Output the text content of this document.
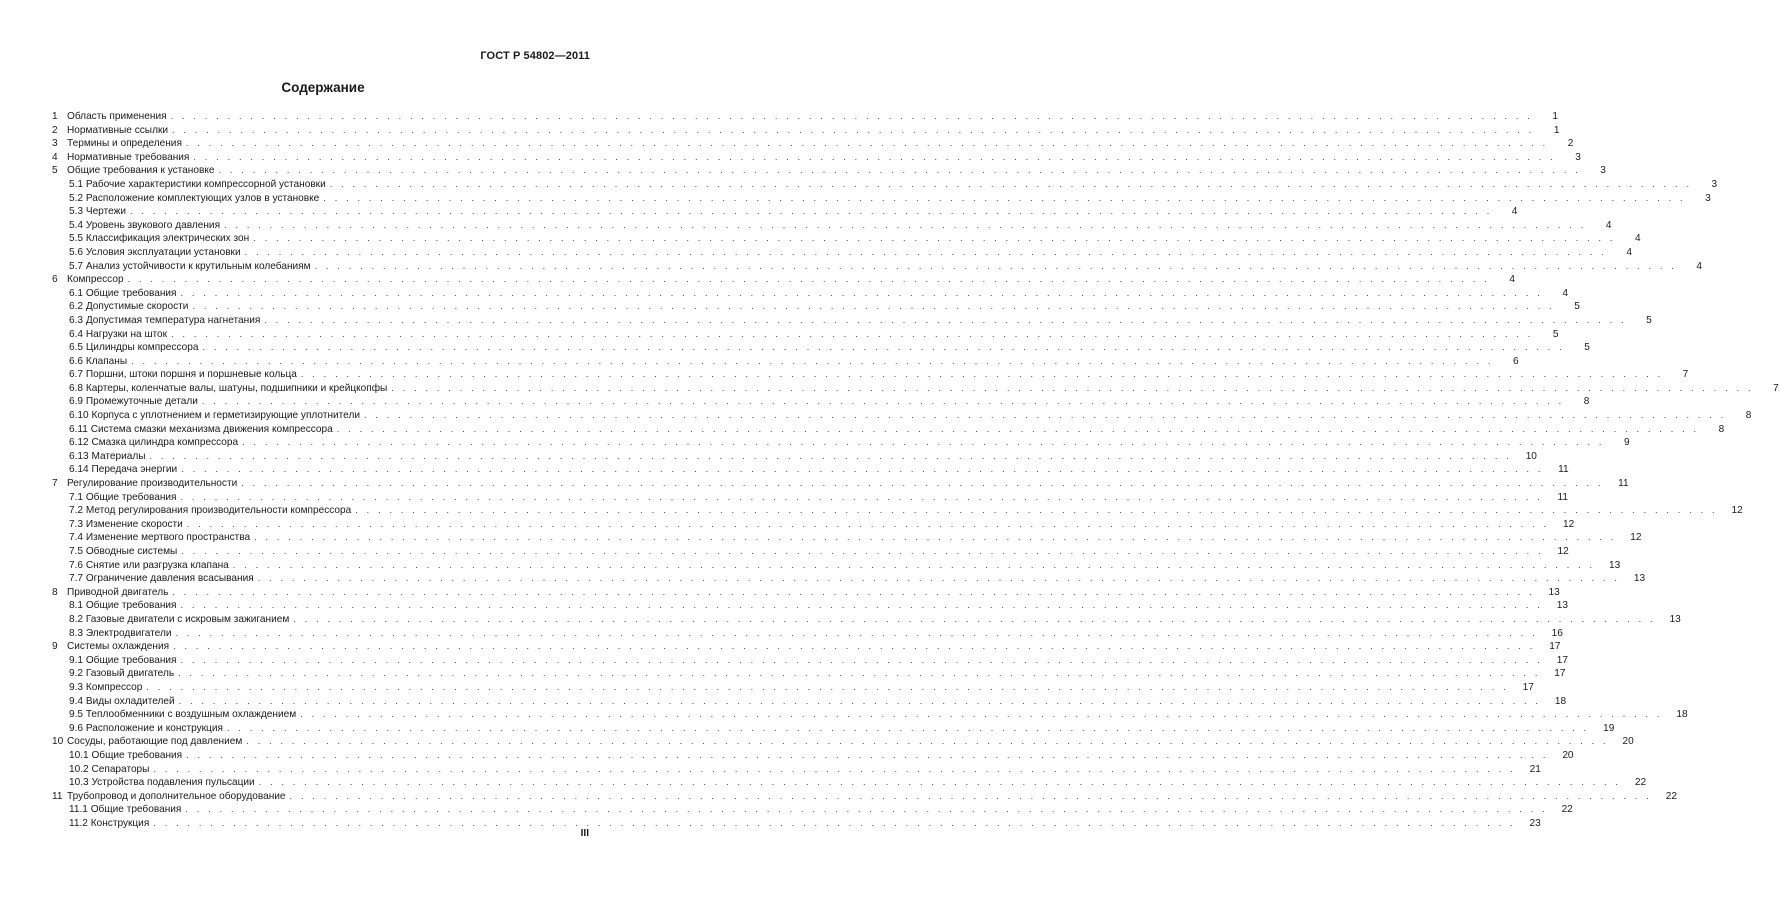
ГОСТ Р 54802—2011
Содержание
1 Область применения . . . . . . . . . . . . . . . . . . . . . . . . . . . . . . . . . . . . . . . . . . . . . . . . . . . . . . . . . . . . . . . . . . . . . . . . . . . . . . . . . . . . . . . . . . . . . . . . . . . . . . . . . . . . . . . . . . . . . . . .	1
2 Нормативные ссылки . . . . . . . . . . . . . . . . . . . . . . . . . . . . . . . . . . . . . . . . . . . . . . . . . . . . . . . . . . . . . . . . . . . . . . . . . . . . . . . . . . . . . . . . . . . . . . . . . . . . . . . . . . . . . . . . . . . . . . . .	1
3 Термины и определения . . . . . . . . . . . . . . . . . . . . . . . . . . . . . . . . . . . . . . . . . . . . . . . . . . . . . . . . . . . . . . . . . . . . . . . . . . . . . . . . . . . . . . . . . . . . . . . . . . . . . . . . . . . . . . . . . . . . . . . .	2
4 Нормативные требования . . . . . . . . . . . . . . . . . . . . . . . . . . . . . . . . . . . . . . . . . . . . . . . . . . . . . . . . . . . . . . . . . . . . . . . . . . . . . . . . . . . . . . . . . . . . . . . . . . . . . . . . . . . . . . . . . . . . . . . .	3
5 Общие требования к установке . . . . . . . . . . . . . . . . . . . . . . . . . . . . . . . . . . . . . . . . . . . . . . . . . . . . . . . . . . . . . . . . . . . . . . . . . . . . . . . . . . . . . . . . . . . . . . . . . . . . . . . . . . . . . . . . . . . . . . . .	3
5.1 Рабочие характеристики компрессорной установки . . . . . . . . . . . . . . . . . . . . . . . . . . . . . . . . . . . . . . . . . . . . . . . . . . . . . . . . . . . . . . . . . . . . . . . . . . . . . . . . . . . . . . . . . . . . . . . . . . . . . . . . . . . . . . . . . . . . . . . .	3
5.2 Расположение комплектующих узлов в установке . . . . . . . . . . . . . . . . . . . . . . . . . . . . . . . . . . . . . . . . . . . . . . . . . . . . . . . . . . . . . . . . . . . . . . . . . . . . . . . . . . . . . . . . . . . . . . . . . . . . . . . . . . . . . . . . . . . . . . . .	3
5.3 Чертежи . . . . . . . . . . . . . . . . . . . . . . . . . . . . . . . . . . . . . . . . . . . . . . . . . . . . . . . . . . . . . . . . . . . . . . . . . . . . . . . . . . . . . . . . . . . . . . . . . . . . . . . . . . . . . . . . . . . . . . . .	4
5.4 Уровень звукового давления . . . . . . . . . . . . . . . . . . . . . . . . . . . . . . . . . . . . . . . . . . . . . . . . . . . . . . . . . . . . . . . . . . . . . . . . . . . . . . . . . . . . . . . . . . . . . . . . . . . . . . . . . . . . . . . . . . . . . . . .	4
5.5 Классификация электрических зон . . . . . . . . . . . . . . . . . . . . . . . . . . . . . . . . . . . . . . . . . . . . . . . . . . . . . . . . . . . . . . . . . . . . . . . . . . . . . . . . . . . . . . . . . . . . . . . . . . . . . . . . . . . . . . . . . . . . . . . .	4
5.6 Условия эксплуатации установки . . . . . . . . . . . . . . . . . . . . . . . . . . . . . . . . . . . . . . . . . . . . . . . . . . . . . . . . . . . . . . . . . . . . . . . . . . . . . . . . . . . . . . . . . . . . . . . . . . . . . . . . . . . . . . . . . . . . . . . .	4
5.7 Анализ устойчивости к крутильным колебаниям . . . . . . . . . . . . . . . . . . . . . . . . . . . . . . . . . . . . . . . . . . . . . . . . . . . . . . . . . . . . . . . . . . . . . . . . . . . . . . . . . . . . . . . . . . . . . . . . . . . . . . . . . . . . . . . . . . . . . . . .	4
6 Компрессор . . . . . . . . . . . . . . . . . . . . . . . . . . . . . . . . . . . . . . . . . . . . . . . . . . . . . . . . . . . . . . . . . . . . . . . . . . . . . . . . . . . . . . . . . . . . . . . . . . . . . . . . . . . . . . . . . . . . . . . .	4
6.1 Общие требования . . . . . . . . . . . . . . . . . . . . . . . . . . . . . . . . . . . . . . . . . . . . . . . . . . . . . . . . . . . . . . . . . . . . . . . . . . . . . . . . . . . . . . . . . . . . . . . . . . . . . . . . . . . . . . . . . . . . . . . .	4
6.2 Допустимые скорости . . . . . . . . . . . . . . . . . . . . . . . . . . . . . . . . . . . . . . . . . . . . . . . . . . . . . . . . . . . . . . . . . . . . . . . . . . . . . . . . . . . . . . . . . . . . . . . . . . . . . . . . . . . . . . . . . . . . . . . .	5
6.3 Допустимая температура нагнетания . . . . . . . . . . . . . . . . . . . . . . . . . . . . . . . . . . . . . . . . . . . . . . . . . . . . . . . . . . . . . . . . . . . . . . . . . . . . . . . . . . . . . . . . . . . . . . . . . . . . . . . . . . . . . . . . . . . . . . . .	5
6.4 Нагрузки на шток . . . . . . . . . . . . . . . . . . . . . . . . . . . . . . . . . . . . . . . . . . . . . . . . . . . . . . . . . . . . . . . . . . . . . . . . . . . . . . . . . . . . . . . . . . . . . . . . . . . . . . . . . . . . . . . . . . . . . . . .	5
6.5 Цилиндры компрессора . . . . . . . . . . . . . . . . . . . . . . . . . . . . . . . . . . . . . . . . . . . . . . . . . . . . . . . . . . . . . . . . . . . . . . . . . . . . . . . . . . . . . . . . . . . . . . . . . . . . . . . . . . . . . . . . . . . . . . . .	5
6.6 Клапаны . . . . . . . . . . . . . . . . . . . . . . . . . . . . . . . . . . . . . . . . . . . . . . . . . . . . . . . . . . . . . . . . . . . . . . . . . . . . . . . . . . . . . . . . . . . . . . . . . . . . . . . . . . . . . . . . . . . . . . . .	6
6.7 Поршни, штоки поршня и поршневые кольца . . . . . . . . . . . . . . . . . . . . . . . . . . . . . . . . . . . . . . . . . . . . . . . . . . . . . . . . . . . . . . . . . . . . . . . . . . . . . . . . . . . . . . . . . . . . . . . . . . . . . . . . . . . . . . . . . . . . . . . .	7
6.8 Картеры, коленчатые валы, шатуны, подшипники и крейцкопфы . . . . . . . . . . . . . . . . . . . . . . . . . . . . . . . . . . . . . . . . . . . . . . . . . . . . . . . . . . . . . . . . . . . . . . . . . . . . . . . . . . . . . . . . . . . . . . . . . . . . . . . . . . . . . . . . . . . . . . . .	7
6.9 Промежуточные детали . . . . . . . . . . . . . . . . . . . . . . . . . . . . . . . . . . . . . . . . . . . . . . . . . . . . . . . . . . . . . . . . . . . . . . . . . . . . . . . . . . . . . . . . . . . . . . . . . . . . . . . . . . . . . . . . . . . . . . . .	8
6.10 Корпуса с уплотнением и герметизирующие уплотнители . . . . . . . . . . . . . . . . . . . . . . . . . . . . . . . . . . . . . . . . . . . . . . . . . . . . . . . . . . . . . . . . . . . . . . . . . . . . . . . . . . . . . . . . . . . . . . . . . . . . . . . . . . . . . . . . . . . . . . . .	8
6.11 Система смазки механизма движения компрессора . . . . . . . . . . . . . . . . . . . . . . . . . . . . . . . . . . . . . . . . . . . . . . . . . . . . . . . . . . . . . . . . . . . . . . . . . . . . . . . . . . . . . . . . . . . . . . . . . . . . . . . . . . . . . . . . . . . . . . . .	8
6.12 Смазка цилиндра компрессора . . . . . . . . . . . . . . . . . . . . . . . . . . . . . . . . . . . . . . . . . . . . . . . . . . . . . . . . . . . . . . . . . . . . . . . . . . . . . . . . . . . . . . . . . . . . . . . . . . . . . . . . . . . . . . . . . . . . . . . .	9
6.13 Материалы . . . . . . . . . . . . . . . . . . . . . . . . . . . . . . . . . . . . . . . . . . . . . . . . . . . . . . . . . . . . . . . . . . . . . . . . . . . . . . . . . . . . . . . . . . . . . . . . . . . . . . . . . . . . . . . . . . . . . . . .	10
6.14 Передача энергии . . . . . . . . . . . . . . . . . . . . . . . . . . . . . . . . . . . . . . . . . . . . . . . . . . . . . . . . . . . . . . . . . . . . . . . . . . . . . . . . . . . . . . . . . . . . . . . . . . . . . . . . . . . . . . . . . . . . . . . .	11
7 Регулирование производительности . . . . . . . . . . . . . . . . . . . . . . . . . . . . . . . . . . . . . . . . . . . . . . . . . . . . . . . . . . . . . . . . . . . . . . . . . . . . . . . . . . . . . . . . . . . . . . . . . . . . . . . . . . . . . . . . . . . . . . . .	11
7.1 Общие требования . . . . . . . . . . . . . . . . . . . . . . . . . . . . . . . . . . . . . . . . . . . . . . . . . . . . . . . . . . . . . . . . . . . . . . . . . . . . . . . . . . . . . . . . . . . . . . . . . . . . . . . . . . . . . . . . . . . . . . . .	11
7.2 Метод регулирования производительности компрессора . . . . . . . . . . . . . . . . . . . . . . . . . . . . . . . . . . . . . . . . . . . . . . . . . . . . . . . . . . . . . . . . . . . . . . . . . . . . . . . . . . . . . . . . . . . . . . . . . . . . . . . . . . . . . . . . . . . . . . . .	12
7.3 Изменение скорости . . . . . . . . . . . . . . . . . . . . . . . . . . . . . . . . . . . . . . . . . . . . . . . . . . . . . . . . . . . . . . . . . . . . . . . . . . . . . . . . . . . . . . . . . . . . . . . . . . . . . . . . . . . . . . . . . . . . . . . .	12
7.4 Изменение мертвого пространства . . . . . . . . . . . . . . . . . . . . . . . . . . . . . . . . . . . . . . . . . . . . . . . . . . . . . . . . . . . . . . . . . . . . . . . . . . . . . . . . . . . . . . . . . . . . . . . . . . . . . . . . . . . . . . . . . . . . . . . .	12
7.5 Обводные системы . . . . . . . . . . . . . . . . . . . . . . . . . . . . . . . . . . . . . . . . . . . . . . . . . . . . . . . . . . . . . . . . . . . . . . . . . . . . . . . . . . . . . . . . . . . . . . . . . . . . . . . . . . . . . . . . . . . . . . . .	12
7.6 Снятие или разгрузка клапана . . . . . . . . . . . . . . . . . . . . . . . . . . . . . . . . . . . . . . . . . . . . . . . . . . . . . . . . . . . . . . . . . . . . . . . . . . . . . . . . . . . . . . . . . . . . . . . . . . . . . . . . . . . . . . . . . . . . . . . .	13
7.7 Ограничение давления всасывания . . . . . . . . . . . . . . . . . . . . . . . . . . . . . . . . . . . . . . . . . . . . . . . . . . . . . . . . . . . . . . . . . . . . . . . . . . . . . . . . . . . . . . . . . . . . . . . . . . . . . . . . . . . . . . . . . . . . . . . .	13
8 Приводной двигатель . . . . . . . . . . . . . . . . . . . . . . . . . . . . . . . . . . . . . . . . . . . . . . . . . . . . . . . . . . . . . . . . . . . . . . . . . . . . . . . . . . . . . . . . . . . . . . . . . . . . . . . . . . . . . . . . . . . . . . . .	13
8.1 Общие требования . . . . . . . . . . . . . . . . . . . . . . . . . . . . . . . . . . . . . . . . . . . . . . . . . . . . . . . . . . . . . . . . . . . . . . . . . . . . . . . . . . . . . . . . . . . . . . . . . . . . . . . . . . . . . . . . . . . . . . . .	13
8.2 Газовые двигатели с искровым зажиганием . . . . . . . . . . . . . . . . . . . . . . . . . . . . . . . . . . . . . . . . . . . . . . . . . . . . . . . . . . . . . . . . . . . . . . . . . . . . . . . . . . . . . . . . . . . . . . . . . . . . . . . . . . . . . . . . . . . . . . . .	13
8.3 Электродвигатели . . . . . . . . . . . . . . . . . . . . . . . . . . . . . . . . . . . . . . . . . . . . . . . . . . . . . . . . . . . . . . . . . . . . . . . . . . . . . . . . . . . . . . . . . . . . . . . . . . . . . . . . . . . . . . . . . . . . . . . .	16
9 Системы охлаждения . . . . . . . . . . . . . . . . . . . . . . . . . . . . . . . . . . . . . . . . . . . . . . . . . . . . . . . . . . . . . . . . . . . . . . . . . . . . . . . . . . . . . . . . . . . . . . . . . . . . . . . . . . . . . . . . . . . . . . . .	17
9.1 Общие требования . . . . . . . . . . . . . . . . . . . . . . . . . . . . . . . . . . . . . . . . . . . . . . . . . . . . . . . . . . . . . . . . . . . . . . . . . . . . . . . . . . . . . . . . . . . . . . . . . . . . . . . . . . . . . . . . . . . . . . . .	17
9.2 Газовый двигатель . . . . . . . . . . . . . . . . . . . . . . . . . . . . . . . . . . . . . . . . . . . . . . . . . . . . . . . . . . . . . . . . . . . . . . . . . . . . . . . . . . . . . . . . . . . . . . . . . . . . . . . . . . . . . . . . . . . . . . . .	17
9.3 Компрессор . . . . . . . . . . . . . . . . . . . . . . . . . . . . . . . . . . . . . . . . . . . . . . . . . . . . . . . . . . . . . . . . . . . . . . . . . . . . . . . . . . . . . . . . . . . . . . . . . . . . . . . . . . . . . . . . . . . . . . . .	17
9.4 Виды охладителей . . . . . . . . . . . . . . . . . . . . . . . . . . . . . . . . . . . . . . . . . . . . . . . . . . . . . . . . . . . . . . . . . . . . . . . . . . . . . . . . . . . . . . . . . . . . . . . . . . . . . . . . . . . . . . . . . . . . . . . .	18
9.5 Теплообменники с воздушным охлаждением . . . . . . . . . . . . . . . . . . . . . . . . . . . . . . . . . . . . . . . . . . . . . . . . . . . . . . . . . . . . . . . . . . . . . . . . . . . . . . . . . . . . . . . . . . . . . . . . . . . . . . . . . . . . . . . . . . . . . . . .	18
9.6 Расположение и конструкция . . . . . . . . . . . . . . . . . . . . . . . . . . . . . . . . . . . . . . . . . . . . . . . . . . . . . . . . . . . . . . . . . . . . . . . . . . . . . . . . . . . . . . . . . . . . . . . . . . . . . . . . . . . . . . . . . . . . . . . .	19
10 Сосуды, работающие под давлением . . . . . . . . . . . . . . . . . . . . . . . . . . . . . . . . . . . . . . . . . . . . . . . . . . . . . . . . . . . . . . . . . . . . . . . . . . . . . . . . . . . . . . . . . . . . . . . . . . . . . . . . . . . . . . . . . . . . . . . .	20
10.1 Общие требования . . . . . . . . . . . . . . . . . . . . . . . . . . . . . . . . . . . . . . . . . . . . . . . . . . . . . . . . . . . . . . . . . . . . . . . . . . . . . . . . . . . . . . . . . . . . . . . . . . . . . . . . . . . . . . . . . . . . . . . .	20
10.2 Сепараторы . . . . . . . . . . . . . . . . . . . . . . . . . . . . . . . . . . . . . . . . . . . . . . . . . . . . . . . . . . . . . . . . . . . . . . . . . . . . . . . . . . . . . . . . . . . . . . . . . . . . . . . . . . . . . . . . . . . . . . . .	21
10.3 Устройства подавления пульсации . . . . . . . . . . . . . . . . . . . . . . . . . . . . . . . . . . . . . . . . . . . . . . . . . . . . . . . . . . . . . . . . . . . . . . . . . . . . . . . . . . . . . . . . . . . . . . . . . . . . . . . . . . . . . . . . . . . . . . . .	22
11 Трубопровод и дополнительное оборудование . . . . . . . . . . . . . . . . . . . . . . . . . . . . . . . . . . . . . . . . . . . . . . . . . . . . . . . . . . . . . . . . . . . . . . . . . . . . . . . . . . . . . . . . . . . . . . . . . . . . . . . . . . . . . . . . . . . . . . . .	22
11.1 Общие требования . . . . . . . . . . . . . . . . . . . . . . . . . . . . . . . . . . . . . . . . . . . . . . . . . . . . . . . . . . . . . . . . . . . . . . . . . . . . . . . . . . . . . . . . . . . . . . . . . . . . . . . . . . . . . . . . . . . . . . . .	22
11.2 Конструкция . . . . . . . . . . . . . . . . . . . . . . . . . . . . . . . . . . . . . . . . . . . . . . . . . . . . . . . . . . . . . . . . . . . . . . . . . . . . . . . . . . . . . . . . . . . . . . . . . . . . . . . . . . . . . . . . . . . . . . . .	23
III
